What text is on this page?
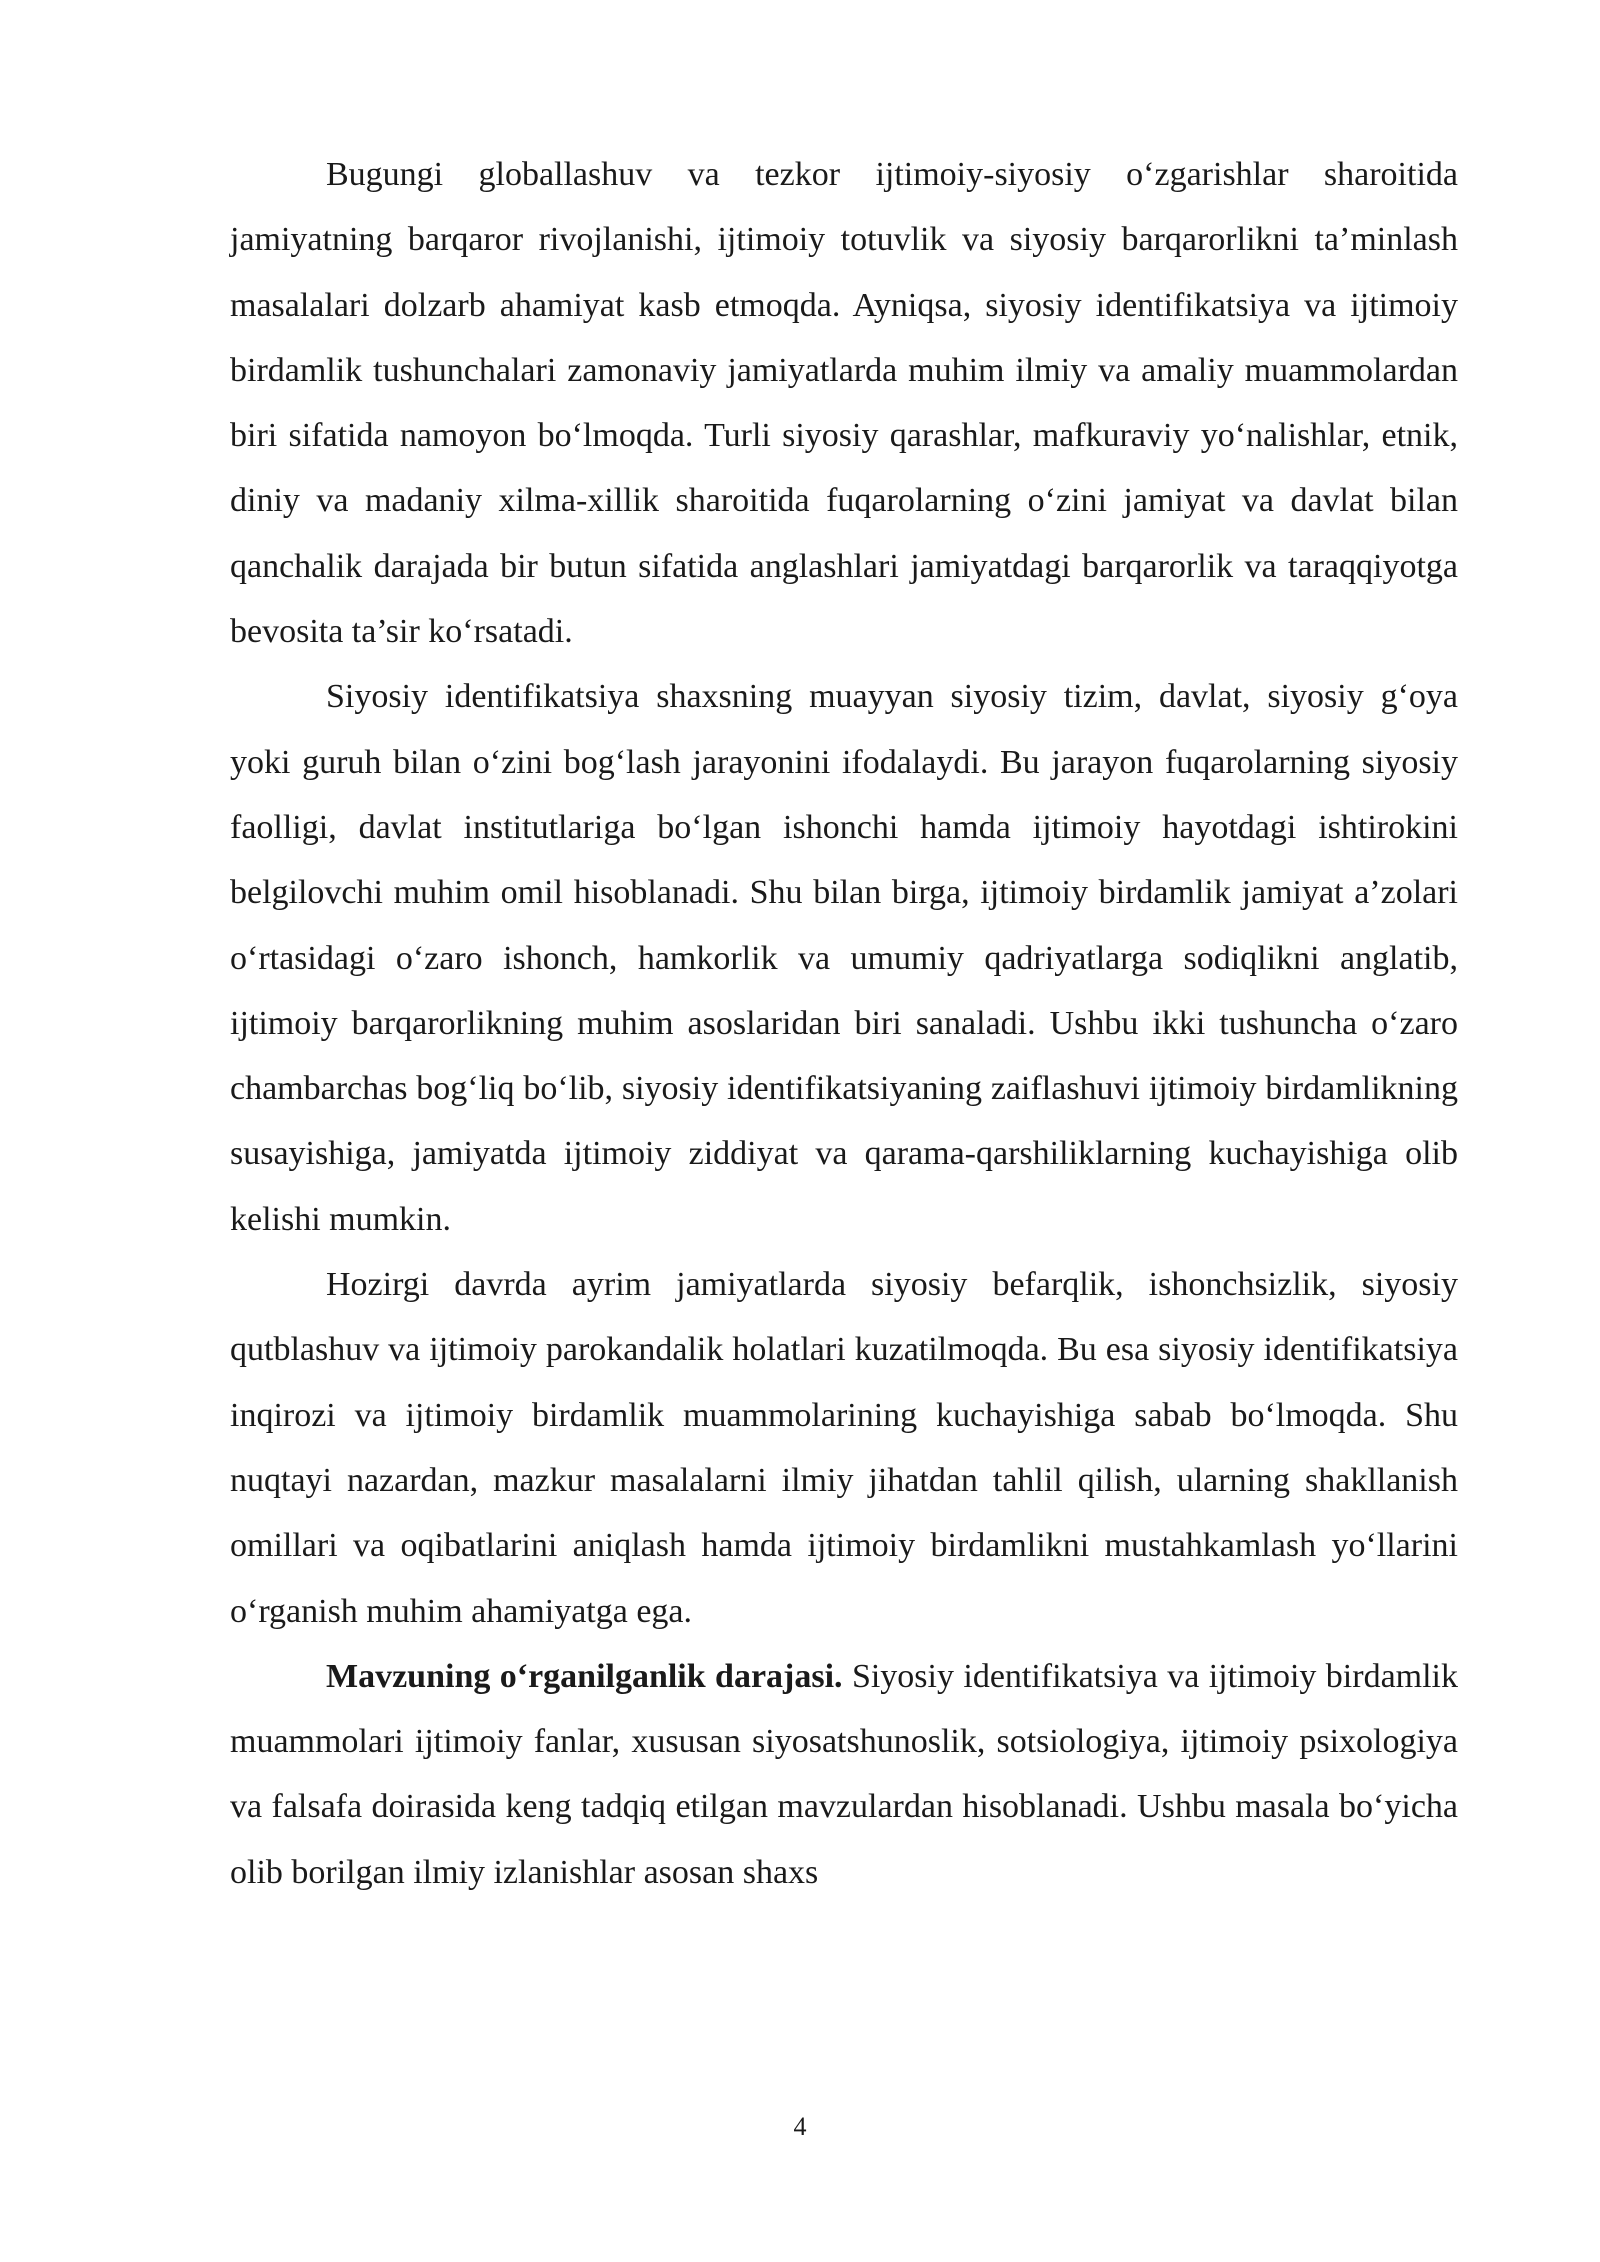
Bugungi globallashuv va tezkor ijtimoiy-siyosiy o‘zgarishlar sharoitida jamiyatning barqaror rivojlanishi, ijtimoiy totuvlik va siyosiy barqarorlikni ta’minlash masalalari dolzarb ahamiyat kasb etmoqda. Ayniqsa, siyosiy identifikatsiya va ijtimoiy birdamlik tushunchalari zamonaviy jamiyatlarda muhim ilmiy va amaliy muammolardan biri sifatida namoyon bo‘lmoqda. Turli siyosiy qarashlar, mafkuraviy yo‘nalishlar, etnik, diniy va madaniy xilma-xillik sharoitida fuqarolarning o‘zini jamiyat va davlat bilan qanchalik darajada bir butun sifatida anglashlari jamiyatdagi barqarorlik va taraqqiyotga bevosita ta’sir ko‘rsatadi.

Siyosiy identifikatsiya shaxsning muayyan siyosiy tizim, davlat, siyosiy g‘oya yoki guruh bilan o‘zini bog‘lash jarayonini ifodalaydi. Bu jarayon fuqarolarning siyosiy faolligi, davlat institutlariga bo‘lgan ishonchi hamda ijtimoiy hayotdagi ishtirokini belgilovchi muhim omil hisoblanadi. Shu bilan birga, ijtimoiy birdamlik jamiyat a’zolari o‘rtasidagi o‘zaro ishonch, hamkorlik va umumiy qadriyatlarga sodiqlikni anglatib, ijtimoiy barqarorlikning muhim asoslaridan biri sanaladi. Ushbu ikki tushuncha o‘zaro chambarchas bog‘liq bo‘lib, siyosiy identifikatsiyaning zaiflashuvi ijtimoiy birdamlikning susayishiga, jamiyatda ijtimoiy ziddiyat va qarama-qarshiliklarning kuchayishiga olib kelishi mumkin.

Hozirgi davrda ayrim jamiyatlarda siyosiy befarqlik, ishonchsizlik, siyosiy qutblashuv va ijtimoiy parokandalik holatlari kuzatilmoqda. Bu esa siyosiy identifikatsiya inqirozi va ijtimoiy birdamlik muammolarining kuchayishiga sabab bo‘lmoqda. Shu nuqtayi nazardan, mazkur masalalarni ilmiy jihatdan tahlil qilish, ularning shakllanish omillari va oqibatlarini aniqlash hamda ijtimoiy birdamlikni mustahkamlash yo‘llarini o‘rganish muhim ahamiyatga ega.

Mavzuning o‘rganilganlik darajasi. Siyosiy identifikatsiya va ijtimoiy birdamlik muammolari ijtimoiy fanlar, xususan siyosatshunoslik, sotsiologiya, ijtimoiy psixologiya va falsafa doirasida keng tadqiq etilgan mavzulardan hisoblanadi. Ushbu masala bo‘yicha olib borilgan ilmiy izlanishlar asosan shaxs

4
